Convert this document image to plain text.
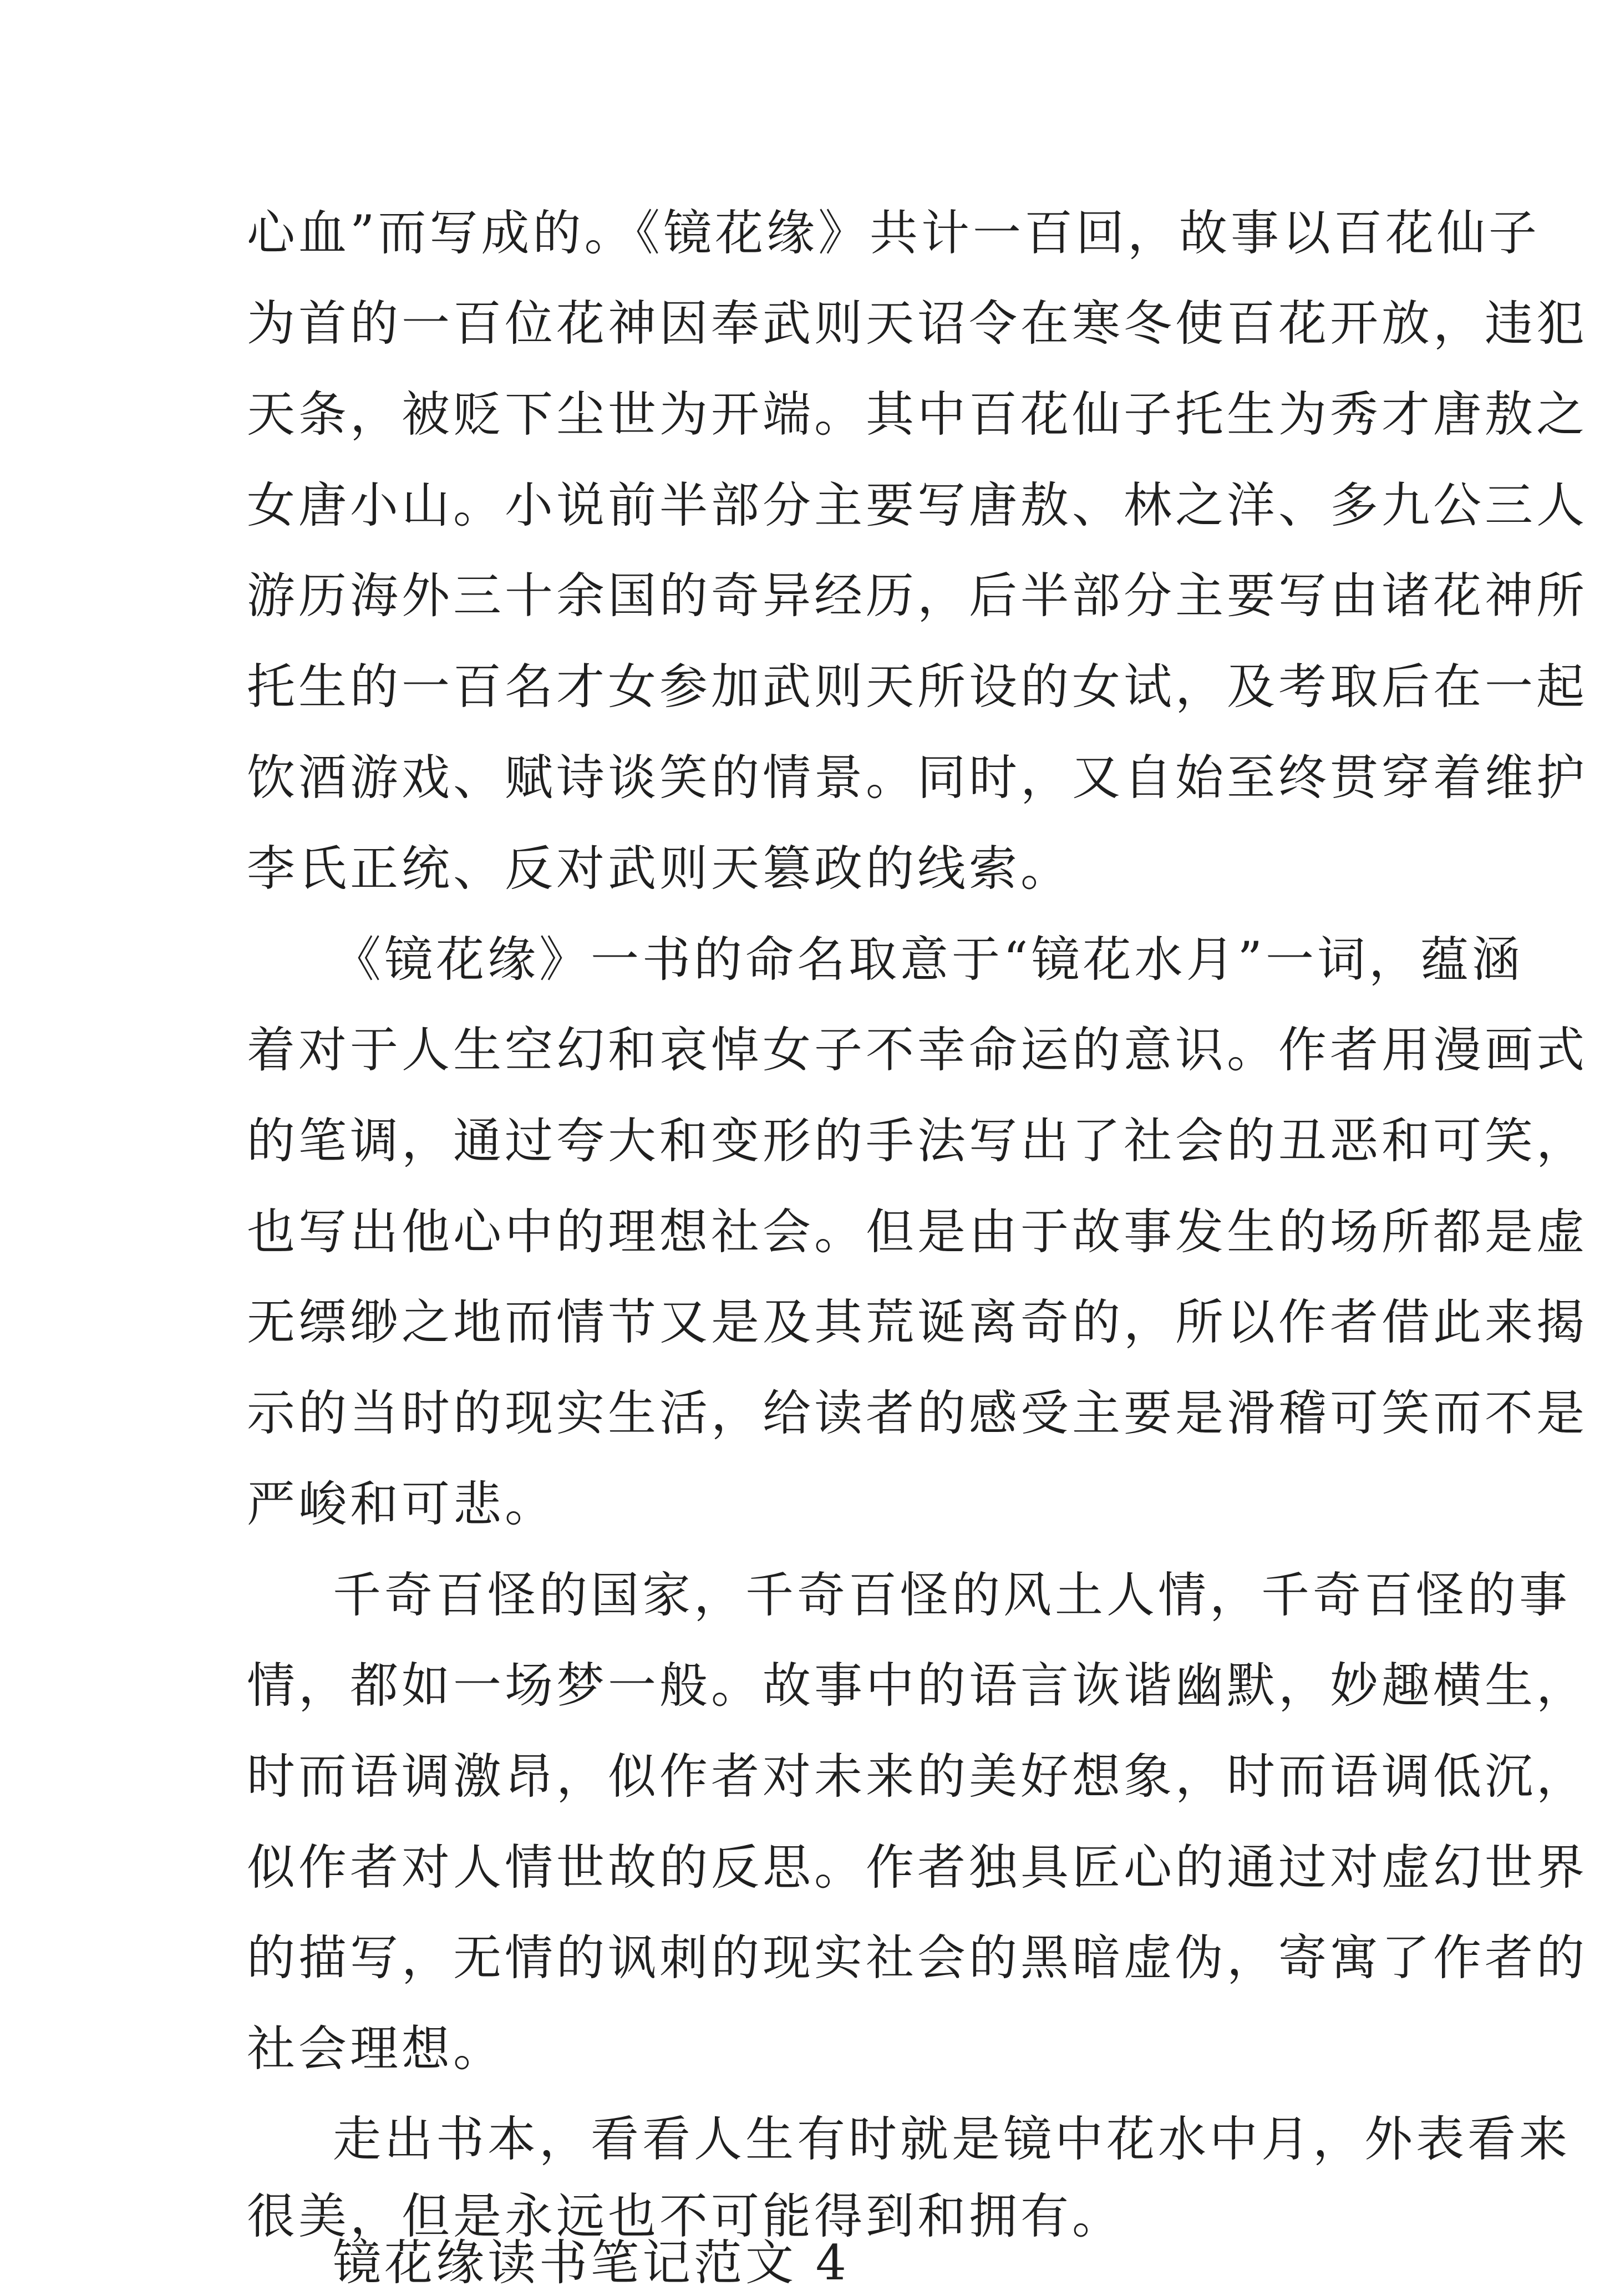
心血”而写成的。《镜花缘》共计一百回，故事以百花仙子
为首的一百位花神因奉武则天诏令在寒冬使百花开放，违犯
天条，被贬下尘世为开端。其中百花仙子托生为秀才唐敖之
女唐小山。小说前半部分主要写唐敖、林之洋、多九公三人
游历海外三十余国的奇异经历，后半部分主要写由诸花神所
托生的一百名才女参加武则天所设的女试，及考取后在一起
饮酒游戏、赋诗谈笑的情景。同时，又自始至终贯穿着维护
李氏正统、反对武则天篡政的线索。
《镜花缘》一书的命名取意于“镜花水月”一词，蕴涵
着对于人生空幻和哀悼女子不幸命运的意识。作者用漫画式
的笔调，通过夸大和变形的手法写出了社会的丑恶和可笑，
也写出他心中的理想社会。但是由于故事发生的场所都是虚
无缥缈之地而情节又是及其荒诞离奇的，所以作者借此来揭
示的当时的现实生活，给读者的感受主要是滑稽可笑而不是
严峻和可悲。
千奇百怪的国家，千奇百怪的风土人情，千奇百怪的事
情，都如一场梦一般。故事中的语言诙谐幽默，妙趣横生，
时而语调激昂，似作者对未来的美好想象，时而语调低沉，
似作者对人情世故的反思。作者独具匠心的通过对虚幻世界
的描写，无情的讽刺的现实社会的黑暗虚伪，寄寓了作者的
社会理想。
走出书本，看看人生有时就是镜中花水中月，外表看来
很美，但是永远也不可能得到和拥有。
镜花缘读书笔记范文 4
